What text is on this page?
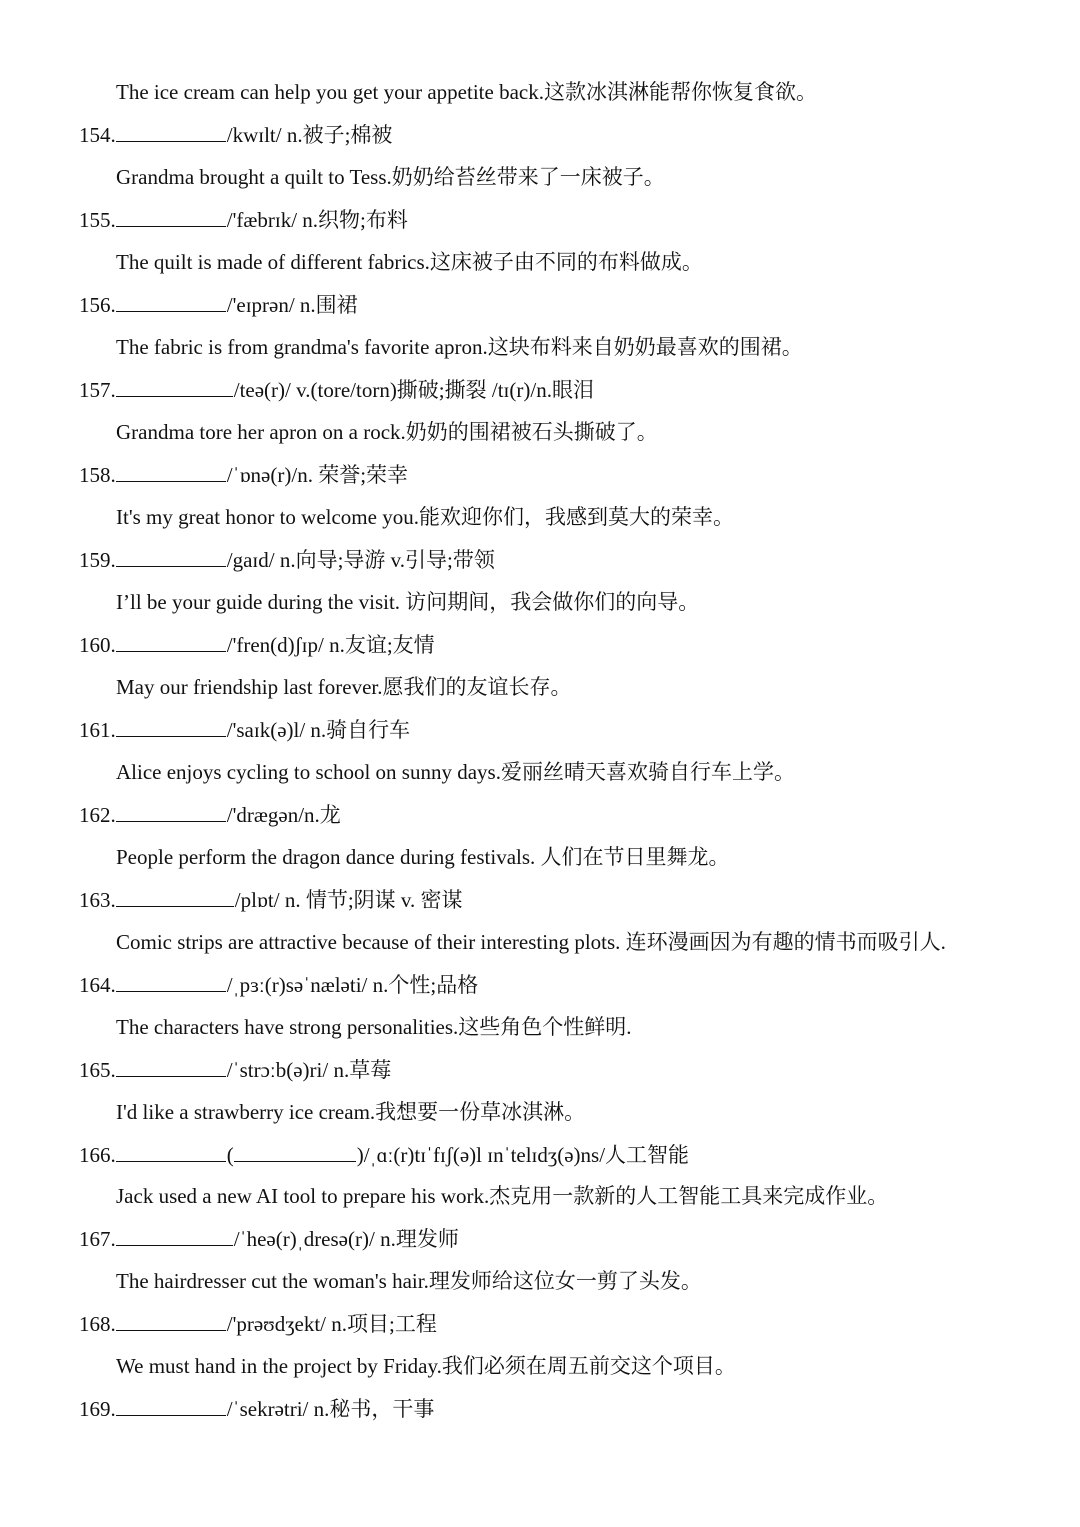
The ice cream can help you get your appetite back.这款冰淇淋能帮你恢复食欲。
154.	/kwɪlt/ n.被子;棉被
Grandma brought a quilt to Tess.奶奶给苔丝带来了一床被子。
155.	/'fæbrɪk/ n.织物;布料
The quilt is made of different fabrics.这床被子由不同的布料做成。
156.	/'eɪprən/ n.围裙
The fabric is from grandma's favorite apron.这块布料来自奶奶最喜欢的围裙。
157.	/teə(r)/ v.(tore/torn)撕破;撕裂 /tɪ(r)/n.眼泪
Grandma tore her apron on a rock.奶奶的围裙被石头撕破了。
158.	/ˈɒnə(r)/n. 荣誉;荣幸
It's my great honor to welcome you.能欢迎你们，我感到莫大的荣幸。
159.	/gaɪd/ n.向导;导游 v.引导;带领
I’ll be your guide during the visit. 访问期间，我会做你们的向导。
160.	/'fren(d)ʃɪp/ n.友谊;友情
May our friendship last forever.愿我们的友谊长存。
161.	/'saɪk(ə)l/ n.骑自行车
Alice enjoys cycling to school on sunny days.爱丽丝晴天喜欢骑自行车上学。
162.	/'drægən/n.龙
People perform the dragon dance during festivals. 人们在节日里舞龙。
163.	/plɒt/ n. 情节;阴谋 v. 密谋
Comic strips are attractive because of their interesting plots. 连环漫画因为有趣的情书而吸引人.
164.	/ˌpɜː(r)səˈnæləti/ n.个性;品格
The characters have strong personalities.这些角色个性鲜明.
165.	/ˈstrɔːb(ə)ri/ n.草莓
I'd like a strawberry ice cream.我想要一份草冰淇淋。
166.	(	)/ˌɑː(r)tɪˈfɪʃ(ə)l ɪnˈtelɪdʒ(ə)ns/人工智能
Jack used a new AI tool to prepare his work.杰克用一款新的人工智能工具来完成作业。
167.	/ˈheə(r)ˌdresə(r)/ n.理发师
The hairdresser cut the woman's hair.理发师给这位女一剪了头发。
168.	/'prəʊdʒekt/ n.项目;工程
We must hand in the project by Friday.我们必须在周五前交这个项目。
169.	/ˈsekrətri/ n.秘书，干事
